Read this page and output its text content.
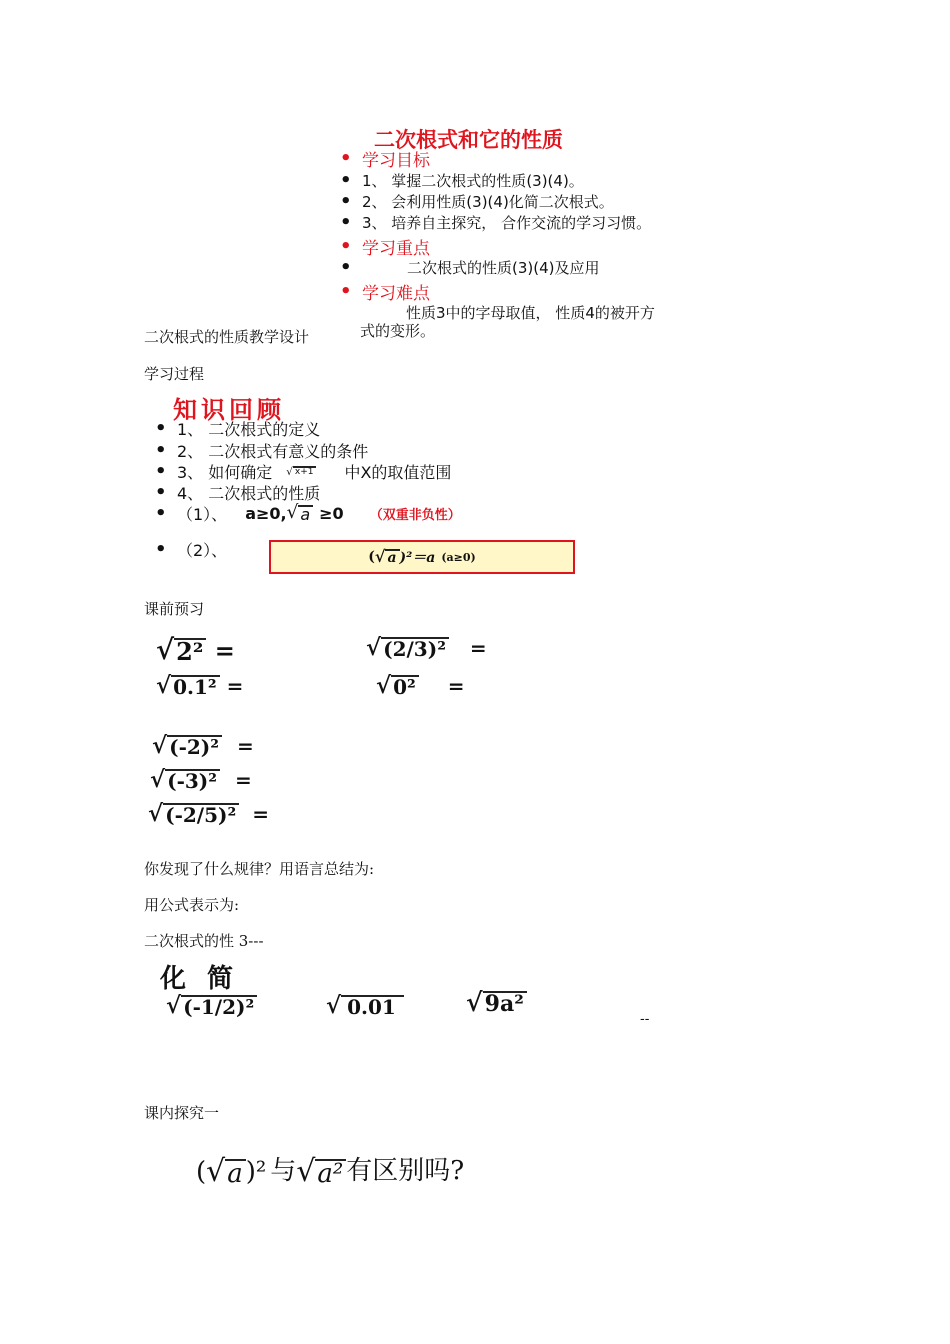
二次根式和它的性质
• 学习目标
• 1、 掌握二次根式的性质(3)(4)。
• 2、 会利用性质(3)(4)化简二次根式。
• 3、 培养自主探究， 合作交流的学习习惯。
• 学习重点
•	二次根式的性质(3)(4)及应用
• 学习难点
性质3中的字母取值， 性质4的被开方
式的变形。
二次根式的性质教学设计
学习过程
知识回顾
• 1、 二次根式的定义
• 2、 二次根式有意义的条件
• 3、 如何确定 √ x+1 中X的取值范围
• 4、 二次根式的性质
• （1）、 a≥0, √ a ≥0 （双重非负性）
• （2）、	( √ a )²＝a (a≥0)
课前预习
√ 2² =
√ 0.1² =
√ (2/3)² =
√ 0² =
√ (-2)² =
√ (-3)² =
√ (-2/5)² =
你发现了什么规律？用语言总结为:
用公式表示为:
二次根式的性 3---
化 简
√ (-1/2)²	√ 0.01	√ 9a²
--
课内探究一
( √ a )² 与 √ a² 有区别吗?
